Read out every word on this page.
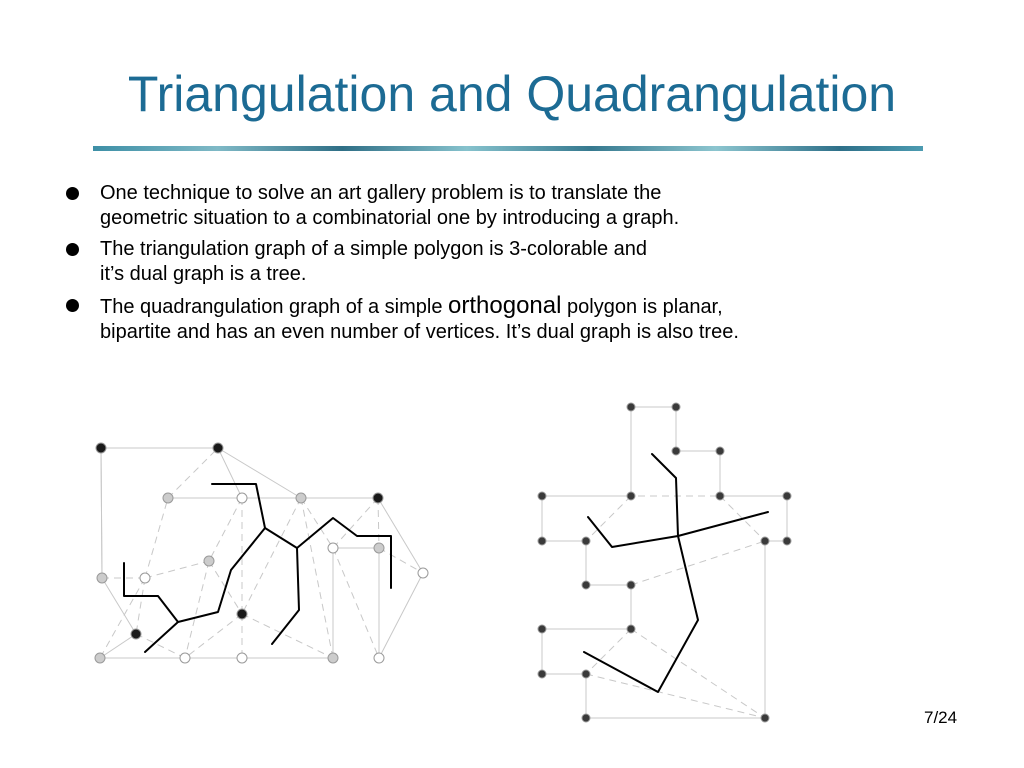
Triangulation and Quadrangulation
One technique to solve an art gallery problem is to translate the
geometric situation to a combinatorial one by introducing a graph.
The triangulation graph of a simple polygon is 3-colorable and
it’s dual graph is a tree.
The quadrangulation graph of a simple orthogonal polygon is planar,
bipartite and has an even number of vertices. It’s dual graph is also tree.
7/24
